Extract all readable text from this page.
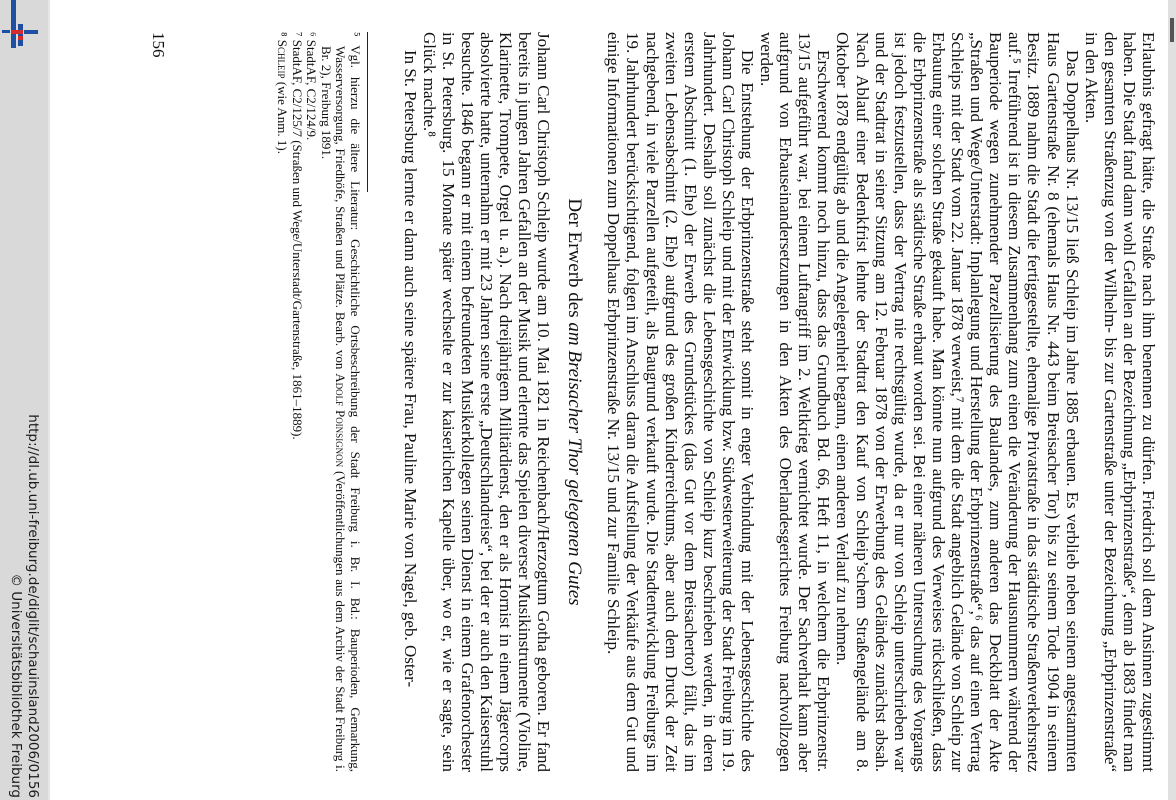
http://dl.ub.uni-freiburg.de/diglit/schauinsland2006/0156
© Universitätsbibliothek Freiburg	Erlaubnis gefragt hätte, die Straße nach ihm benennen zu dürfen. Friedrich soll dem Ansinnen zugestimmt haben. Die Stadt fand dann wohl Gefallen an der Bezeichnung „Erbprinzenstraße“, denn ab 1883 findet man den gesamten Straßenzug von der Wilhelm- bis zur Gartenstraße unter der Bezeichnung „Erbprinzenstraße“ in den Akten.

Das Doppelhaus Nr. 13/15 ließ Schleip im Jahre 1885 erbauen. Es verblieb neben seinem angestammten Haus Gartenstraße Nr. 8 (ehemals Haus Nr. 443 beim Breisacher Tor) bis zu seinem Tode 1904 in seinem Besitz. 1889 nahm die Stadt die fertiggestellte, ehemalige Privatstraße in das städtische Straßenverkehrsnetz auf.⁵ Irreführend ist in diesem Zusammenhang zum einen die Veränderung der Hausnummern während der Bauperiode wegen zunehmender Parzellisierung des Baulandes, zum anderen das Deckblatt der Akte „Straßen und Wege/Unterstadt: Inplanlegung und Herstellung der Erbprinzenstraße“,⁶ das auf einen Vertrag Schleips mit der Stadt vom 22. Januar 1878 verweist,⁷ mit dem die Stadt angeblich Gelände von Schleip zur Erbauung einer solchen Straße gekauft habe. Man könnte nun aufgrund des Verweises rückschließen, dass die Erbprinzenstraße als städtische Straße erbaut worden sei. Bei einer näheren Untersuchung des Vorgangs ist jedoch festzustellen, dass der Vertrag nie rechtsgültig wurde, da er nur von Schleip unterschrieben war und der Stadtrat in seiner Sitzung am 12. Februar 1878 von der Erwerbung des Geländes zunächst absah. Nach Ablauf einer Bedenkfrist lehnte der Stadtrat den Kauf von Schleip’schem Straßengelände am 8. Oktober 1878 endgültig ab und die Angelegenheit begann, einen anderen Verlauf zu nehmen.

Erschwerend kommt noch hinzu, dass das Grundbuch Bd. 66, Heft 11, in welchem die Erbprinzenstr. 13/15 aufgeführt war, bei einem Luftangriff im 2. Weltkrieg vernichtet wurde. Der Sachverhalt kann aber aufgrund von Erbauseinandersetzungen in den Akten des Oberlandesgerichtes Freiburg nachvollzogen werden.

Die Entstehung der Erbprinzenstraße steht somit in enger Verbindung mit der Lebensgeschichte des Johann Carl Christoph Schleip und mit der Entwicklung bzw. Südwesterweiterung der Stadt Freiburg im 19. Jahrhundert. Deshalb soll zunächst die Lebensgeschichte von Schleip kurz beschrieben werden, in deren erstem Abschnitt (1. Ehe) der Erwerb des Grundstückes (das Gut vor dem Breisachertor) fällt, das im zweiten Lebensabschnitt (2. Ehe) aufgrund des großen Kinderreichtums, aber auch dem Druck der Zeit nachgebend, in viele Parzellen aufgeteilt, als Baugrund verkauft wurde. Die Stadtentwicklung Freiburgs im 19. Jahrhundert berücksichtigend, folgen im Anschluss daran die Aufstellung der Verkäufe aus dem Gut und einige Informationen zum Doppelhaus Erbprinzenstraße Nr. 13/15 und zur Familie Schleip.

Der Erwerb des am Breisacher Thor gelegenen Gutes

Johann Carl Christoph Schleip wurde am 10. Mai 1821 in Reichenbach/Herzogtum Gotha geboren. Er fand bereits in jungen Jahren Gefallen an der Musik und erlernte das Spielen diverser Musikinstrumente (Violine, Klarinette, Trompete, Orgel u. a.). Nach dreijährigem Militärdienst, den er als Hornist in einem Jägercorps absolvierte hatte, unternahm er mit 23 Jahren seine erste „Deutschlandreise“, bei der er auch den Kaiserstuhl besuchte. 1846 begann er mit einem befreundeten Musikerkollegen seinen Dienst in einem Grafenorchester in St. Petersburg. 15 Monate später wechselte er zur kaiserlichen Kapelle über, wo er, wie er sagte, sein Glück machte.⁸

In St. Petersburg lernte er dann auch seine spätere Frau, Pauline Marie von Nagel, geb. Oster-

⁵ Vgl. hierzu die ältere Literatur: Geschichtliche Ortsbeschreibung der Stadt Freiburg i. Br. I. Bd.: Bauperioden, Gemarkung, Wasserversorgung, Friedhöfe, Straßen und Plätze. Bearb. von Adolf Poinsignon (Veröffentlichungen aus dem Archiv der Stadt Freiburg i. Br. 2), Freiburg 1891.

⁶ StadtAF, C2/124/9.

⁷ StadtAF, C2/125/7 (Straßen und Wege/Unterstadt/Gartenstraße, 1861–1889).

⁸ Schleip (wie Anm. 1).

156
